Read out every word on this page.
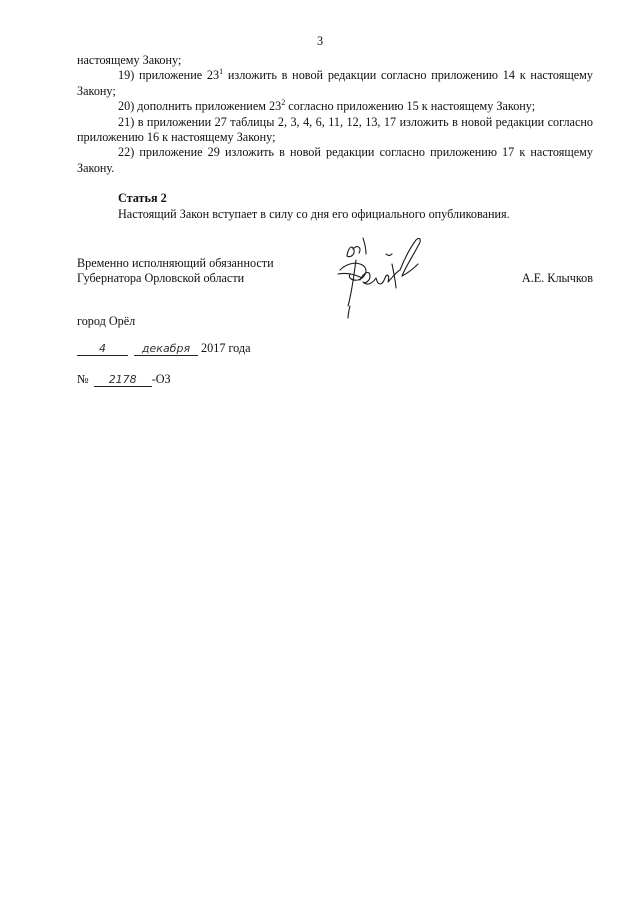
3

настоящему Закону;

19) приложение $23^1$ изложить в новой редакции согласно приложению 14 к настоящему Закону;

20) дополнить приложением $23^2$ согласно приложению 15 к настоящему Закону;

21) в приложении 27 таблицы 2, 3, 4, 6, 11, 12, 13, 17 изложить в новой редакции согласно приложению 16 к настоящему Закону;

22) приложение 29 изложить в новой редакции согласно приложению 17 к настоящему Закону.

Статья 2

Настоящий Закон вступает в силу со дня его официального опубликования.

Временно исполняющий обязанности

Губернатора Орловской области	А.Е. Клычков
город Орёл
4	декабря 2017 года
№ 2178 -ОЗ
